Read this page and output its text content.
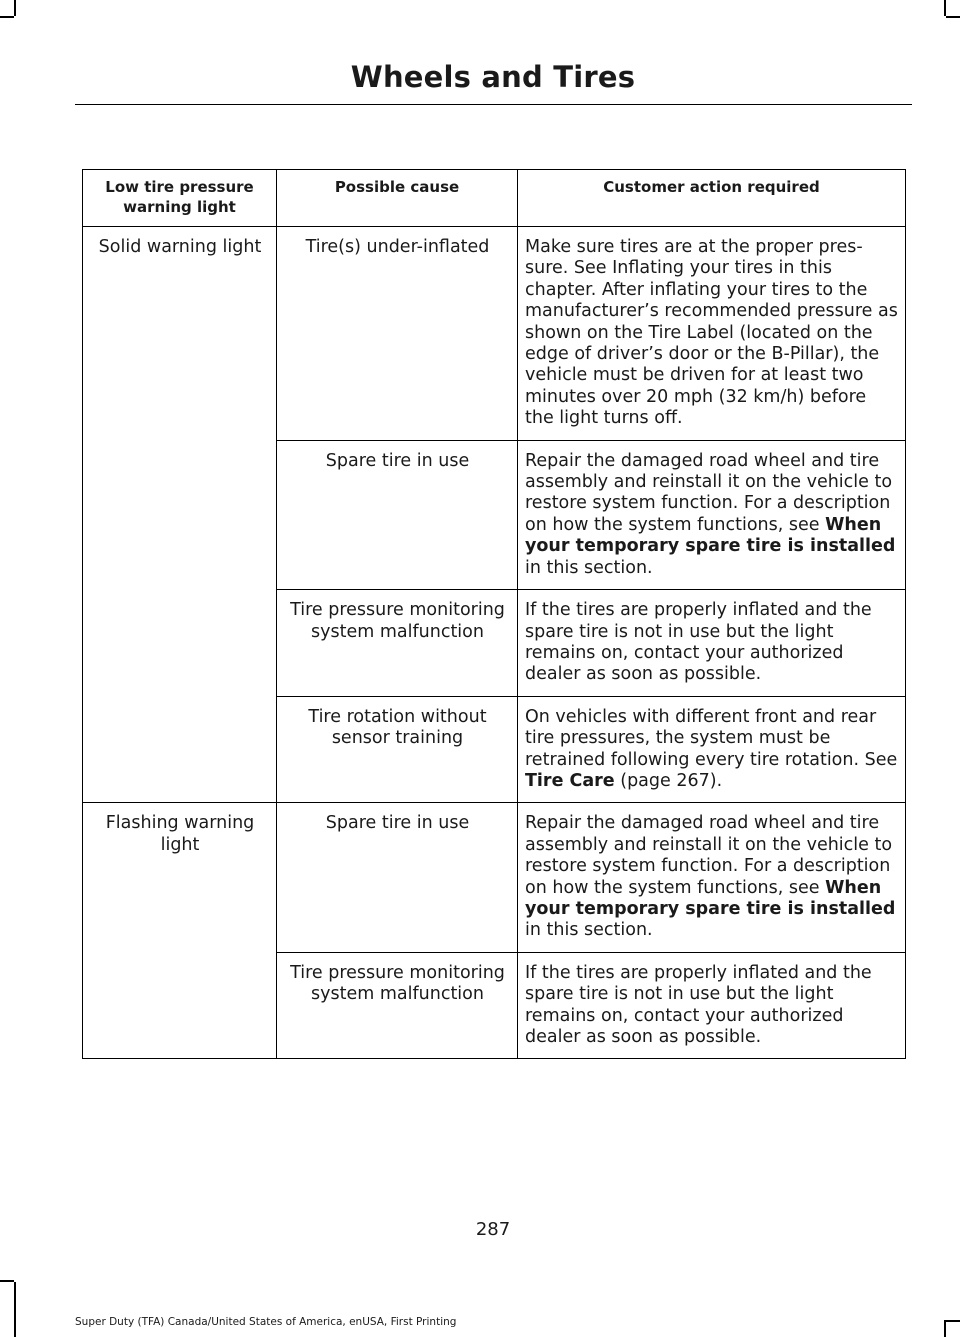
Wheels and Tires
Low tire pressure warning light	Possible cause	Customer action required
Solid warning light	Tire(s) under-inflated	Make sure tires are at the proper pres-sure. See Inflating your tires in this chapter. After inflating your tires to the manufacturer’s recommended pressure as shown on the Tire Label (located on the edge of driver’s door or the B-Pillar), the vehicle must be driven for at least two minutes over 20 mph (32 km/h) before the light turns off.
	Spare tire in use	Repair the damaged road wheel and tire assembly and reinstall it on the vehicle to restore system function. For a description on how the system functions, see When your temporary spare tire is installed in this section.
	Tire pressure monitoring system malfunction	If the tires are properly inflated and the spare tire is not in use but the light remains on, contact your authorized dealer as soon as possible.
	Tire rotation without sensor training	On vehicles with different front and rear tire pressures, the system must be retrained following every tire rotation. See Tire Care (page 267).
Flashing warning light	Spare tire in use	Repair the damaged road wheel and tire assembly and reinstall it on the vehicle to restore system function. For a description on how the system functions, see When your temporary spare tire is installed in this section.
	Tire pressure monitoring system malfunction	If the tires are properly inflated and the spare tire is not in use but the light remains on, contact your authorized dealer as soon as possible.
287
Super Duty (TFA) Canada/United States of America, enUSA, First Printing
